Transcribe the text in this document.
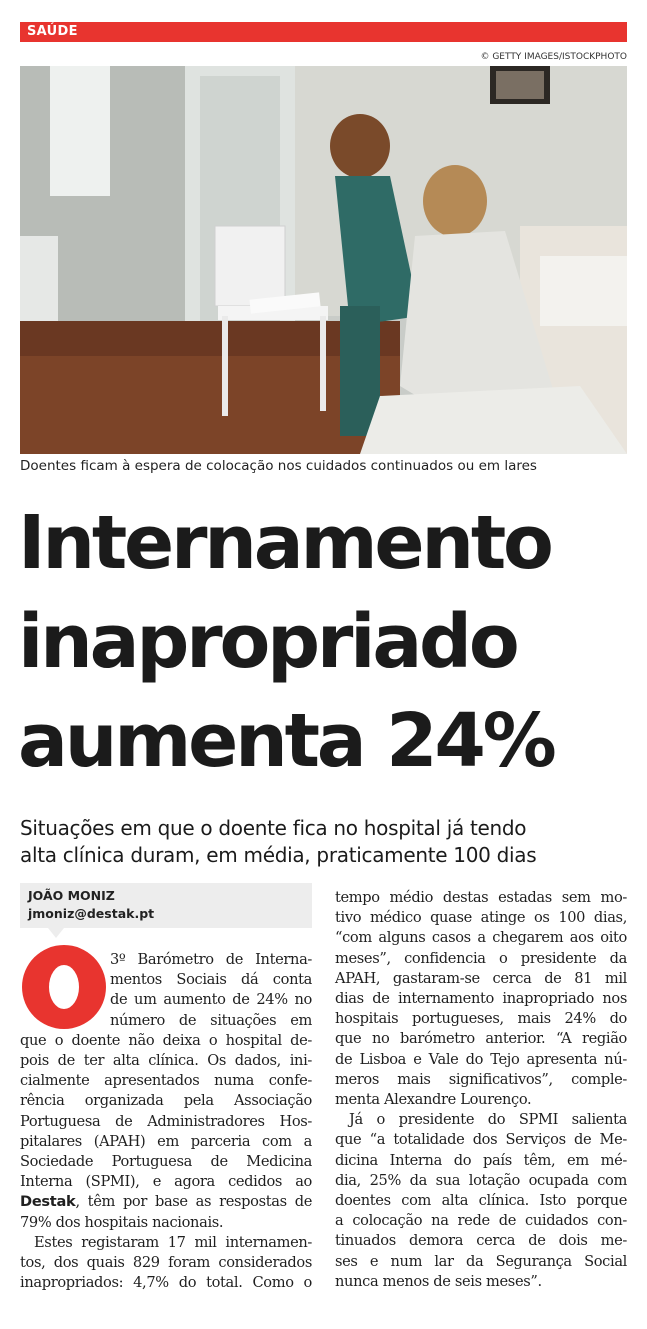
SAÚDE
© GETTY IMAGES/ISTOCKPHOTO
Doentes ficam à espera de colocação nos cuidados continuados ou em lares
Internamento
inapropriado
aumenta 24%
Situações em que o doente fica no hospital já tendo
alta clínica duram, em média, praticamente 100 dias
JOÃO MONIZ
jmoniz@destak.pt
3º Barómetro de Interna-
mentos Sociais dá conta
de um aumento de 24% no
número de situações em
que o doente não deixa o hospital de-
pois de ter alta clínica. Os dados, ini-
cialmente apresentados numa confe-
rência organizada pela Associação
Portuguesa de Administradores Hos-
pitalares (APAH) em parceria com a
Sociedade Portuguesa de Medicina
Interna (SPMI), e agora cedidos ao
Destak, têm por base as respostas de
79% dos hospitais nacionais.
Estes registaram 17 mil internamen-
tos, dos quais 829 foram considerados
inapropriados: 4,7% do total. Como o
tempo médio destas estadas sem mo-
tivo médico quase atinge os 100 dias,
“com alguns casos a chegarem aos oito
meses”, confidencia o presidente da
APAH, gastaram-se cerca de 81 mil
dias de internamento inapropriado nos
hospitais portugueses, mais 24% do
que no barómetro anterior. “A região
de Lisboa e Vale do Tejo apresenta nú-
meros mais significativos”, comple-
menta Alexandre Lourenço.
Já o presidente do SPMI salienta
que “a totalidade dos Serviços de Me-
dicina Interna do país têm, em mé-
dia, 25% da sua lotação ocupada com
doentes com alta clínica. Isto porque
a colocação na rede de cuidados con-
tinuados demora cerca de dois me-
ses e num lar da Segurança Social
nunca menos de seis meses”.
